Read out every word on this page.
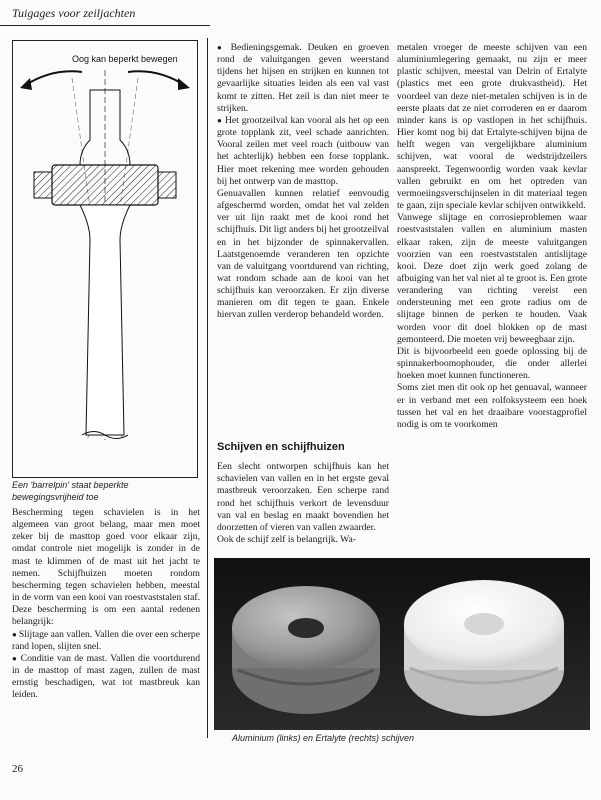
Tuigages voor zeiljachten
Oog kan beperkt bewegen
Een 'barrelpin' staat beperkte bewegingsvrijheid toe

Bescherming tegen schavielen is in het algemeen van groot belang, maar men moet zeker bij de masttop goed voor elkaar zijn, omdat controle niet mogelijk is zonder in de mast te klimmen of de mast uit het jacht te nemen. Schijfhuizen moeten rondom bescherming tegen schavielen hebben, meestal in de vorm van een kooi van roestvaststalen staf. Deze bescherming is om een aantal redenen belangrijk:

● Slijtage aan vallen. Vallen die over een scherpe rand lopen, slijten snel.

● Conditie van de mast. Vallen die voortdurend in de masttop of mast zagen, zullen de mast ernstig beschadigen, wat tot mastbreuk kan leiden.

● Bedieningsgemak. Deuken en groeven rond de valuitgangen geven weerstand tijdens het hijsen en strijken en kunnen tot gevaarlijke situaties leiden als een val vast komt te zitten. Het zeil is dan niet meer te strijken.

● Het grootzeilval kan vooral als het op een grote topplank zit, veel schade aanrichten. Vooral zeilen met veel roach (uitbouw van het achterlijk) hebben een forse topplank. Hier moet rekening mee worden gehouden bij het ontwerp van de masttop.

Genuavallen kunnen relatief eenvoudig afgeschermd worden, omdat het val zelden ver uit lijn raakt met de kooi rond het schijfhuis. Dit ligt anders bij het grootzeilval en in het bijzonder de spinnakervallen. Laatstgenoemde veranderen ten opzichte van de valuitgang voortdurend van richting, wat rondom schade aan de kooi van het schijfhuis kan veroorzaken. Er zijn diverse manieren om dit tegen te gaan. Enkele hiervan zullen verderop behandeld worden.

Schijven en schijfhuizen

Een slecht ontworpen schijfhuis kan het schavielen van vallen en in het ergste geval mastbreuk veroorzaken. Een scherpe rand rond het schijfhuis verkort de levensduur van val en beslag en maakt bovendien het doorzetten of vieren van vallen zwaarder.

Ook de schijf zelf is belangrijk. Wa-

metalen vroeger de meeste schijven van een aluminiumlegering gemaakt, nu zijn er meer plastic schijven, meestal van Delrin of Ertalyte (plastics met een grote drukvastheid). Het voordeel van deze niet-metalen schijven is in de eerste plaats dat ze niet corroderen en er daarom minder kans is op vastlopen in het schijfhuis. Hier komt nog bij dat Ertalyte-schijven bijna de helft wegen van vergelijkbare aluminium schijven, wat vooral de wedstrijdzeilers aanspreekt. Tegenwoordig worden vaak kevlar vallen gebruikt en om het optreden van vermoeiingsverschijnselen in dit materiaal tegen te gaan, zijn speciale kevlar schijven ontwikkeld.

Vanwege slijtage en corrosieproblemen waar roestvaststalen vallen en aluminium masten elkaar raken, zijn de meeste valuitgangen voorzien van een roestvaststalen antislijtage kooi. Deze doet zijn werk goed zolang de afbuiging van het val niet al te groot is. Een grote verandering van richting vereist een ondersteuning met een grote radius om de slijtage binnen de perken te houden. Vaak worden voor dit doel blokken op de mast gemonteerd. Die moeten vrij beweegbaar zijn.

Dit is bijvoorbeeld een goede oplossing bij de spinnakerboomophouder, die onder allerlei hoeken moet kunnen functioneren.

Soms ziet men dit ook op het genuaval, wanneer er in verband met een rolfoksysteem een hoek tussen het val en het draaibare voorstagprofiel nodig is om te voorkomen

Aluminium (links) en Ertalyte (rechts) schijven
26
